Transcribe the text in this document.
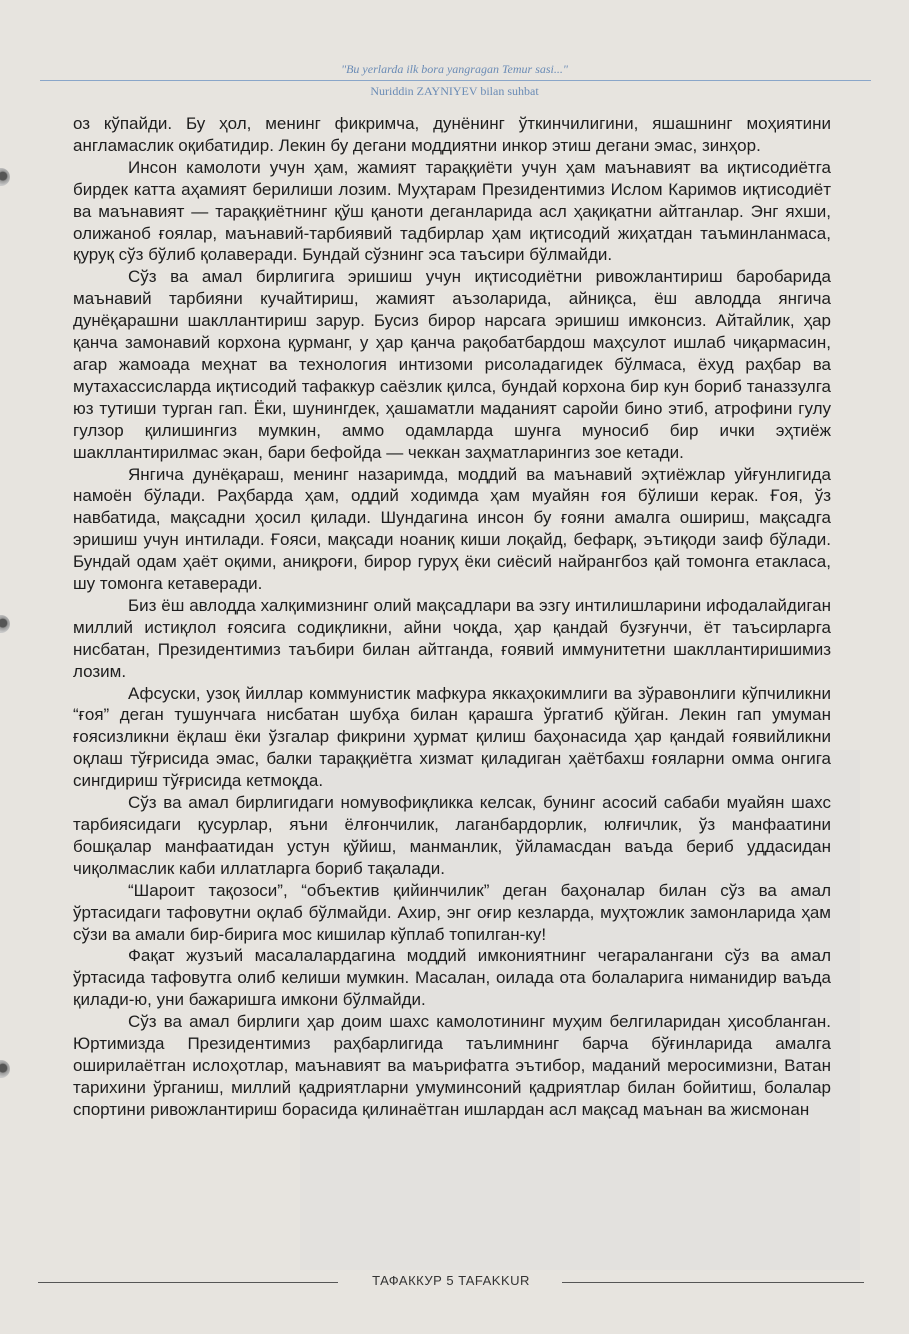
"Bu yerlarda ilk bora yangragan Temur sasi..."
Nuriddin ZAYNIYEV bilan suhbat

оз кўпайди. Бу ҳол, менинг фикримча, дунёнинг ўткинчилигини, яшашнинг моҳиятини англамаслик оқибатидир. Лекин бу дегани моддиятни инкор этиш дегани эмас, зинҳор.

Инсон камолоти учун ҳам, жамият тараққиёти учун ҳам маънавият ва иқтисодиётга бирдек катта аҳамият берилиши лозим. Муҳтарам Президентимиз Ислом Каримов иқтисодиёт ва маънавият — тараққиётнинг қўш қаноти деганларида асл ҳақиқатни айтганлар. Энг яхши, олижаноб ғоялар, маънавий-тарбиявий тадбирлар ҳам иқтисодий жиҳатдан таъминланмаса, қуруқ сўз бўлиб қолаверади. Бундай сўзнинг эса таъсири бўлмайди.

Сўз ва амал бирлигига эришиш учун иқтисодиётни ривожлантириш баробарида маънавий тарбияни кучайтириш, жамият аъзоларида, айниқса, ёш авлодда янгича дунёқарашни шакллантириш зарур. Бусиз бирор нарсага эришиш имконсиз. Айтайлик, ҳар қанча замонавий корхона қурманг, у ҳар қанча рақобатбардош маҳсулот ишлаб чиқармасин, агар жамоада меҳнат ва технология интизоми рисоладагидек бўлмаса, ёхуд раҳбар ва мутахассисларда иқтисодий тафаккур саёзлик қилса, бундай корхона бир кун бориб таназзулга юз тутиши турган гап. Ёки, шунингдек, ҳашаматли маданият саройи бино этиб, атрофини гулу гулзор қилишингиз мумкин, аммо одамларда шунга муносиб бир ички эҳтиёж шакллантирилмас экан, бари бефойда — чеккан заҳматларингиз зое кетади.

Янгича дунёқараш, менинг назаримда, моддий ва маънавий эҳтиёжлар уйғунлигида намоён бўлади. Раҳбарда ҳам, оддий ходимда ҳам муайян ғоя бўлиши керак. Ғоя, ўз навбатида, мақсадни ҳосил қилади. Шундагина инсон бу ғояни амалга ошириш, мақсадга эришиш учун интилади. Ғояси, мақсади ноаниқ киши лоқайд, бефарқ, эътиқоди заиф бўлади. Бундай одам ҳаёт оқими, аниқроғи, бирор гуруҳ ёки сиёсий найрангбоз қай томонга етакласа, шу томонга кетаверади.

Биз ёш авлодда халқимизнинг олий мақсадлари ва эзгу интилишларини ифодалайдиган миллий истиқлол ғоясига содиқликни, айни чоқда, ҳар қандай бузғунчи, ёт таъсирларга нисбатан, Президентимиз таъбири билан айтганда, ғоявий иммунитетни шакллантиришимиз лозим.

Афсуски, узоқ йиллар коммунистик мафкура яккаҳокимлиги ва зўравонлиги кўпчиликни “ғоя” деган тушунчага нисбатан шубҳа билан қарашга ўргатиб қўйган. Лекин гап умуман ғоясизликни ёқлаш ёки ўзгалар фикрини ҳурмат қилиш баҳонасида ҳар қандай ғоявийликни оқлаш тўғрисида эмас, балки тараққиётга хизмат қиладиган ҳаётбахш ғояларни омма онгига сингдириш тўғрисида кетмоқда.

Сўз ва амал бирлигидаги номувофиқликка келсак, бунинг асосий сабаби муайян шахс тарбиясидаги қусурлар, яъни ёлғончилик, лаганбардорлик, юлғичлик, ўз манфаатини бошқалар манфаатидан устун қўйиш, манманлик, ўйламасдан ваъда бериб уддасидан чиқолмаслик каби иллатларга бориб тақалади.

“Шароит тақозоси”, “объектив қийинчилик” деган баҳоналар билан сўз ва амал ўртасидаги тафовутни оқлаб бўлмайди. Ахир, энг оғир кезларда, муҳтожлик замонларида ҳам сўзи ва амали бир-бирига мос кишилар кўплаб топилган-ку!

Фақат жузъий масалалардагина моддий имкониятнинг чегаралангани сўз ва амал ўртасида тафовутга олиб келиши мумкин. Масалан, оилада ота болаларига ниманидир ваъда қилади-ю, уни бажаришга имкони бўлмайди.

Сўз ва амал бирлиги ҳар доим шахс камолотининг муҳим белгиларидан ҳисобланган. Юртимизда Президентимиз раҳбарлигида таълимнинг барча бўғинларида амалга оширилаётган ислоҳотлар, маънавият ва маърифатга эътибор, маданий меросимизни, Ватан тарихини ўрганиш, миллий қадриятларни умуминсоний қадриятлар билан бойитиш, болалар спортини ривожлантириш борасида қилинаётган ишлардан асл мақсад маънан ва жисмонан

ТАФАККУР 5 TAFAKKUR
